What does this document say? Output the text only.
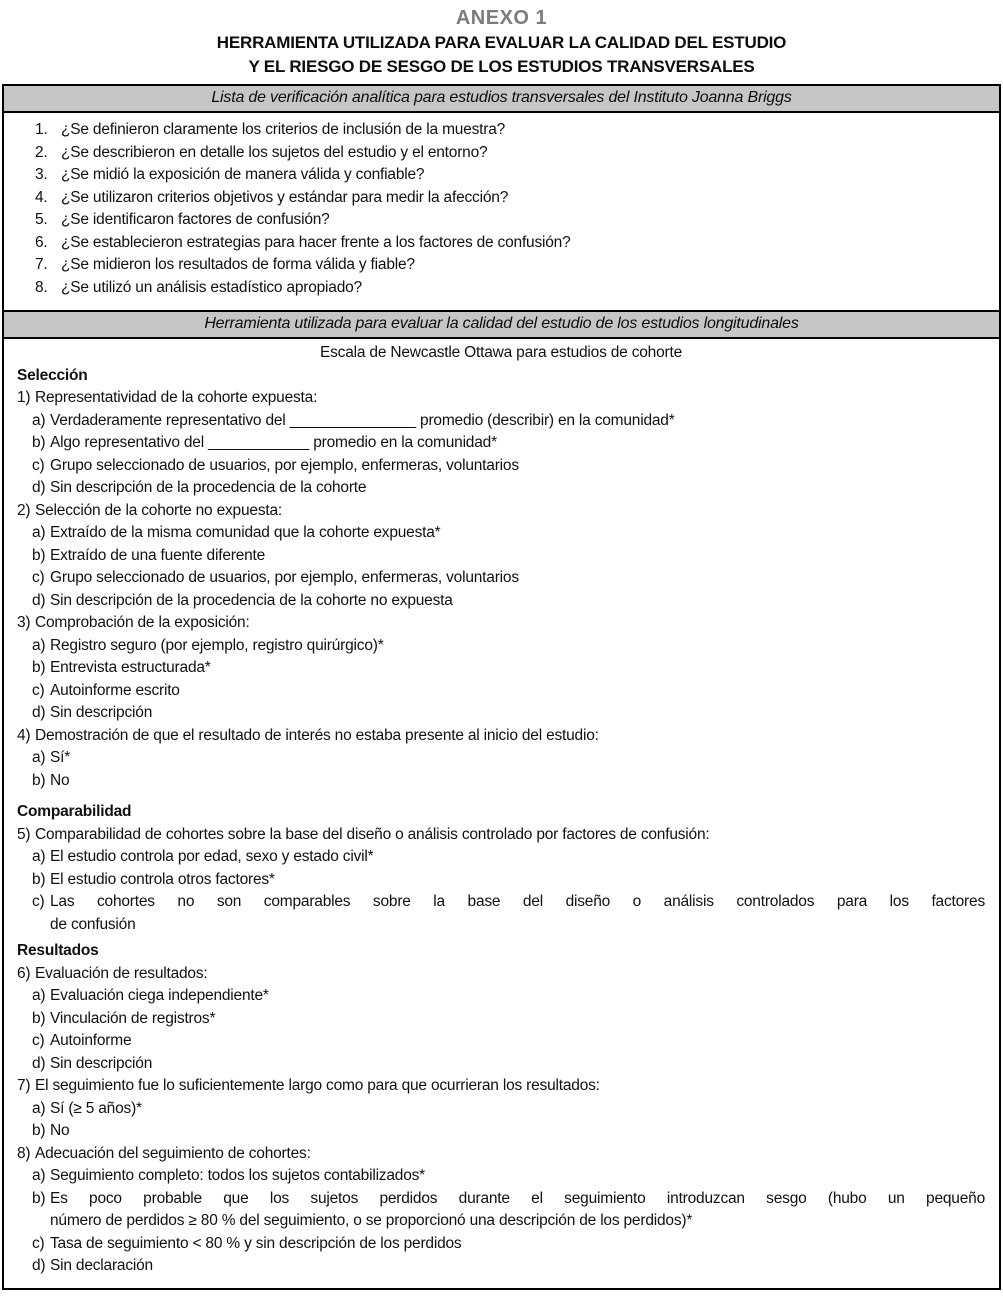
ANEXO 1
HERRAMIENTA UTILIZADA PARA EVALUAR LA CALIDAD DEL ESTUDIO
Y EL RIESGO DE SESGO DE LOS ESTUDIOS TRANSVERSALES
Lista de verificación analítica para estudios transversales del Instituto Joanna Briggs
1. ¿Se definieron claramente los criterios de inclusión de la muestra?
2. ¿Se describieron en detalle los sujetos del estudio y el entorno?
3. ¿Se midió la exposición de manera válida y confiable?
4. ¿Se utilizaron criterios objetivos y estándar para medir la afección?
5. ¿Se identificaron factores de confusión?
6. ¿Se establecieron estrategias para hacer frente a los factores de confusión?
7. ¿Se midieron los resultados de forma válida y fiable?
8. ¿Se utilizó un análisis estadístico apropiado?
Herramienta utilizada para evaluar la calidad del estudio de los estudios longitudinales
Escala de Newcastle Ottawa para estudios de cohorte
Selección
1) Representatividad de la cohorte expuesta:
a) Verdaderamente representativo del _______________ promedio (describir) en la comunidad*
b) Algo representativo del ____________ promedio en la comunidad*
c) Grupo seleccionado de usuarios, por ejemplo, enfermeras, voluntarios
d) Sin descripción de la procedencia de la cohorte
2) Selección de la cohorte no expuesta:
a) Extraído de la misma comunidad que la cohorte expuesta*
b) Extraído de una fuente diferente
c) Grupo seleccionado de usuarios, por ejemplo, enfermeras, voluntarios
d) Sin descripción de la procedencia de la cohorte no expuesta
3) Comprobación de la exposición:
a) Registro seguro (por ejemplo, registro quirúrgico)*
b) Entrevista estructurada*
c) Autoinforme escrito
d) Sin descripción
4) Demostración de que el resultado de interés no estaba presente al inicio del estudio:
a) Sí*
b) No
Comparabilidad
5) Comparabilidad de cohortes sobre la base del diseño o análisis controlado por factores de confusión:
a) El estudio controla por edad, sexo y estado civil*
b) El estudio controla otros factores*
c) Las cohortes no son comparables sobre la base del diseño o análisis controlados para los factores
de confusión
Resultados
6) Evaluación de resultados:
a) Evaluación ciega independiente*
b) Vinculación de registros*
c) Autoinforme
d) Sin descripción
7) El seguimiento fue lo suficientemente largo como para que ocurrieran los resultados:
a) Sí (≥ 5 años)*
b) No
8) Adecuación del seguimiento de cohortes:
a) Seguimiento completo: todos los sujetos contabilizados*
b) Es poco probable que los sujetos perdidos durante el seguimiento introduzcan sesgo (hubo un pequeño
número de perdidos ≥ 80 % del seguimiento, o se proporcionó una descripción de los perdidos)*
c) Tasa de seguimiento < 80 % y sin descripción de los perdidos
d) Sin declaración
